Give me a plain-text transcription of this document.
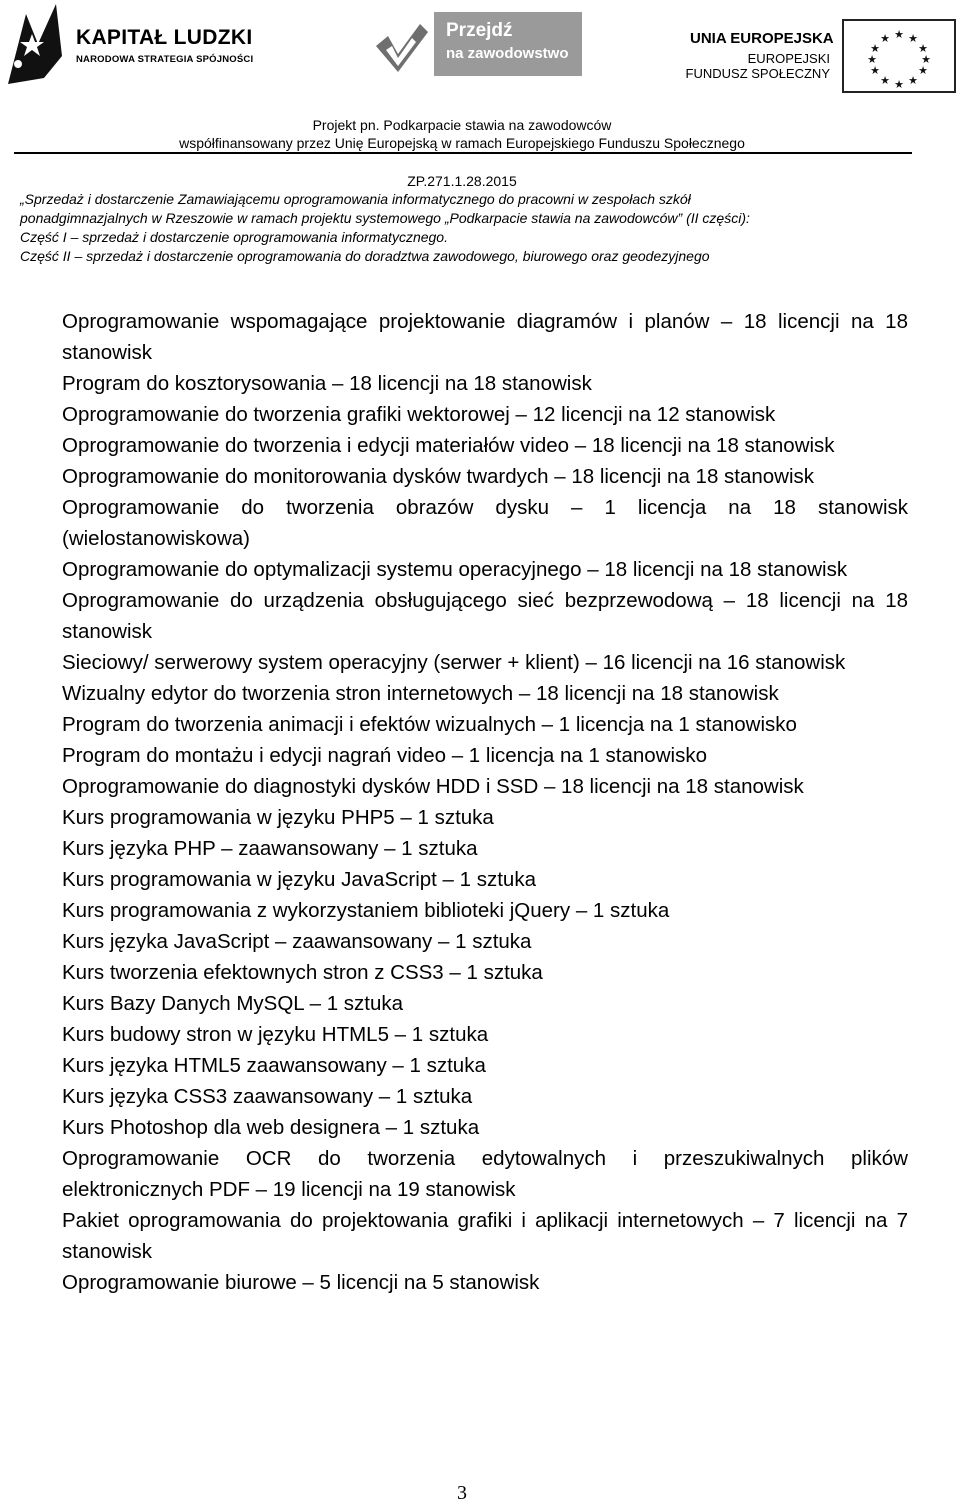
KAPITAŁ LUDZKI
NARODOWA STRATEGIA SPÓJNOŚCI
Przejdź
na zawodowstwo
UNIA EUROPEJSKA
EUROPEJSKI
FUNDUSZ SPOŁECZNY
★ ★
★
★
★
★
★
★
★
★
★
★
Projekt pn. Podkarpacie stawia na zawodowców
współfinansowany przez Unię Europejską w ramach Europejskiego Funduszu Społecznego
ZP.271.1.28.2015
„Sprzedaż i dostarczenie Zamawiającemu oprogramowania informatycznego do pracowni w zespołach szkół
ponadgimnazjalnych w Rzeszowie w ramach projektu systemowego „Podkarpacie stawia na zawodowców” (II części):
Część I – sprzedaż i dostarczenie oprogramowania informatycznego.
Część II – sprzedaż i dostarczenie oprogramowania do doradztwa zawodowego, biurowego oraz geodezyjnego
Oprogramowanie wspomagające projektowanie diagramów i planów – 18 licencji na 18 stanowisk
Program do kosztorysowania – 18 licencji na 18 stanowisk
Oprogramowanie do tworzenia grafiki wektorowej – 12 licencji na 12 stanowisk
Oprogramowanie do tworzenia i edycji materiałów video – 18 licencji na 18 stanowisk
Oprogramowanie do monitorowania dysków twardych – 18 licencji na 18 stanowisk
Oprogramowanie do tworzenia obrazów dysku – 1 licencja na 18 stanowisk (wielostanowiskowa)
Oprogramowanie do optymalizacji systemu operacyjnego – 18 licencji na 18 stanowisk
Oprogramowanie do urządzenia obsługującego sieć bezprzewodową – 18 licencji na 18 stanowisk
Sieciowy/ serwerowy system operacyjny (serwer + klient) – 16 licencji na 16 stanowisk
Wizualny edytor do tworzenia stron internetowych – 18 licencji na 18 stanowisk
Program do tworzenia animacji i efektów wizualnych – 1 licencja na 1 stanowisko
Program do montażu i edycji nagrań video – 1 licencja na 1 stanowisko
Oprogramowanie do diagnostyki dysków HDD i SSD – 18 licencji na 18 stanowisk
Kurs programowania w języku PHP5 – 1 sztuka
Kurs języka PHP – zaawansowany – 1 sztuka
Kurs programowania w języku JavaScript – 1 sztuka
Kurs programowania z wykorzystaniem biblioteki jQuery – 1 sztuka
Kurs języka JavaScript – zaawansowany – 1 sztuka
Kurs tworzenia efektownych stron z CSS3 – 1 sztuka
Kurs Bazy Danych MySQL – 1 sztuka
Kurs budowy stron w języku HTML5 – 1 sztuka
Kurs języka HTML5 zaawansowany – 1 sztuka
Kurs języka CSS3 zaawansowany – 1 sztuka
Kurs Photoshop dla web designera – 1 sztuka
Oprogramowanie OCR do tworzenia edytowalnych i przeszukiwalnych plików elektronicznych PDF – 19 licencji na 19 stanowisk
Pakiet oprogramowania do projektowania grafiki i aplikacji internetowych – 7 licencji na 7 stanowisk
Oprogramowanie biurowe – 5 licencji na 5 stanowisk
3
